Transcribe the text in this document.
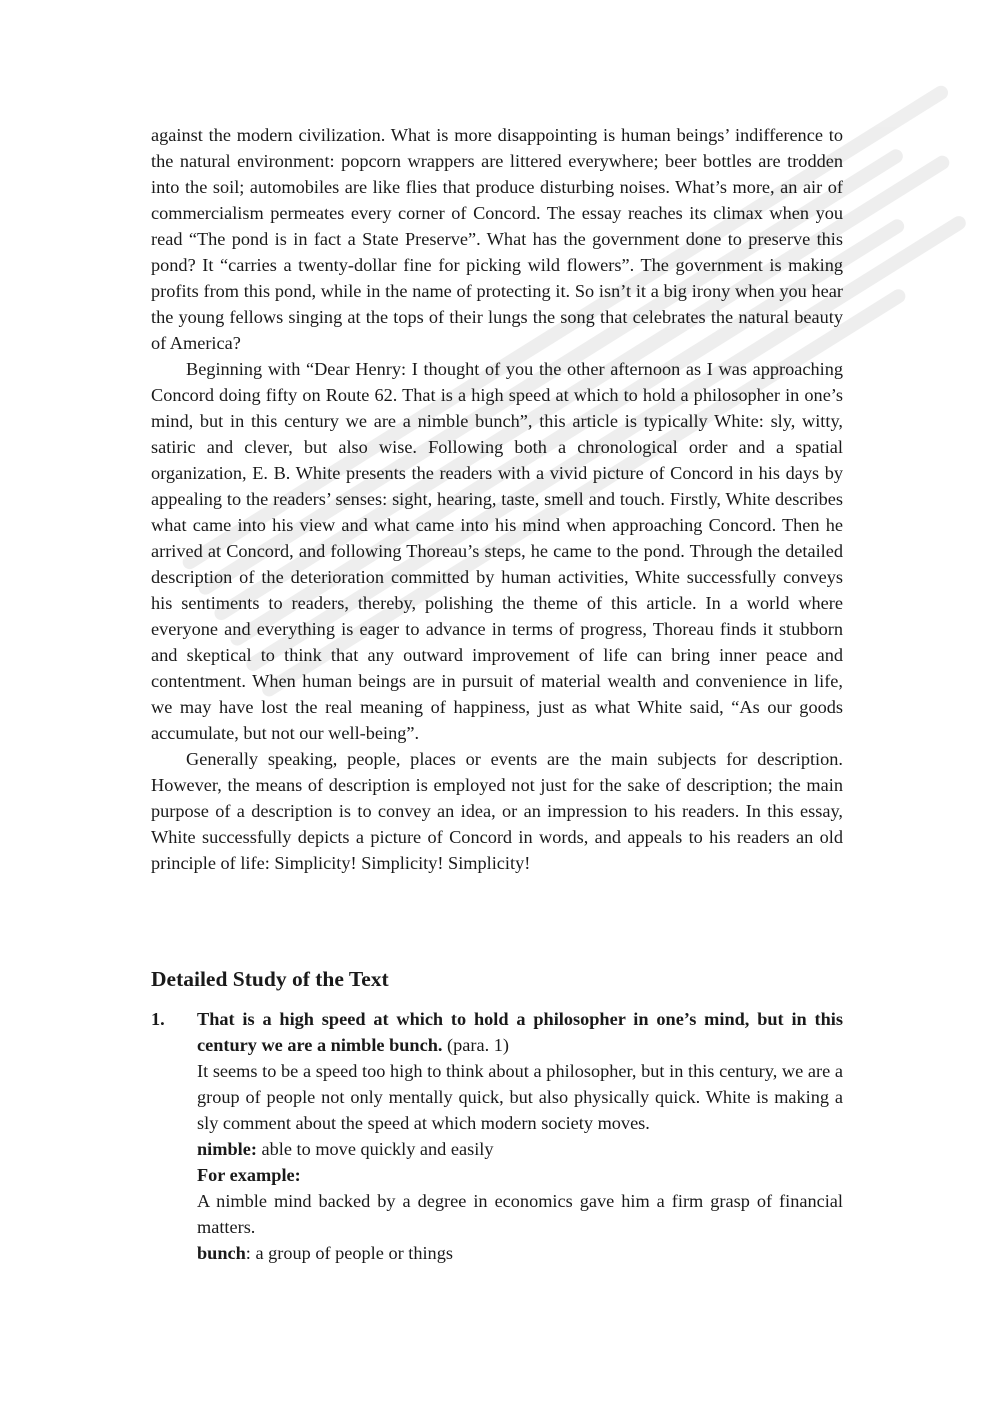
against the modern civilization. What is more disappointing is human beings’ indifference to the natural environment: popcorn wrappers are littered everywhere; beer bottles are trodden into the soil; automobiles are like flies that produce disturbing noises. What’s more, an air of commercialism permeates every corner of Concord. The essay reaches its climax when you read “The pond is in fact a State Preserve”. What has the government done to preserve this pond? It “carries a twenty-dollar fine for picking wild flowers”. The government is making profits from this pond, while in the name of protecting it. So isn’t it a big irony when you hear the young fellows singing at the tops of their lungs the song that celebrates the natural beauty of America?

Beginning with “Dear Henry: I thought of you the other afternoon as I was approaching Concord doing fifty on Route 62. That is a high speed at which to hold a philosopher in one’s mind, but in this century we are a nimble bunch”, this article is typically White: sly, witty, satiric and clever, but also wise. Following both a chronological order and a spatial organization, E. B. White presents the readers with a vivid picture of Concord in his days by appealing to the readers’ senses: sight, hearing, taste, smell and touch. Firstly, White describes what came into his view and what came into his mind when approaching Concord. Then he arrived at Concord, and following Thoreau’s steps, he came to the pond. Through the detailed description of the deterioration committed by human activities, White successfully conveys his sentiments to readers, thereby, polishing the theme of this article. In a world where everyone and everything is eager to advance in terms of progress, Thoreau finds it stubborn and skeptical to think that any outward improvement of life can bring inner peace and contentment. When human beings are in pursuit of material wealth and convenience in life, we may have lost the real meaning of happiness, just as what White said, “As our goods accumulate, but not our well-being”.

Generally speaking, people, places or events are the main subjects for description. However, the means of description is employed not just for the sake of description; the main purpose of a description is to convey an idea, or an impression to his readers. In this essay, White successfully depicts a picture of Concord in words, and appeals to his readers an old principle of life: Simplicity! Simplicity! Simplicity!

Detailed Study of the Text
1. That is a high speed at which to hold a philosopher in one’s mind, but in this century we are a nimble bunch. (para. 1)

It seems to be a speed too high to think about a philosopher, but in this century, we are a group of people not only mentally quick, but also physically quick. White is making a sly comment about the speed at which modern society moves.

nimble: able to move quickly and easily

For example:

A nimble mind backed by a degree in economics gave him a firm grasp of financial matters.

bunch: a group of people or things
